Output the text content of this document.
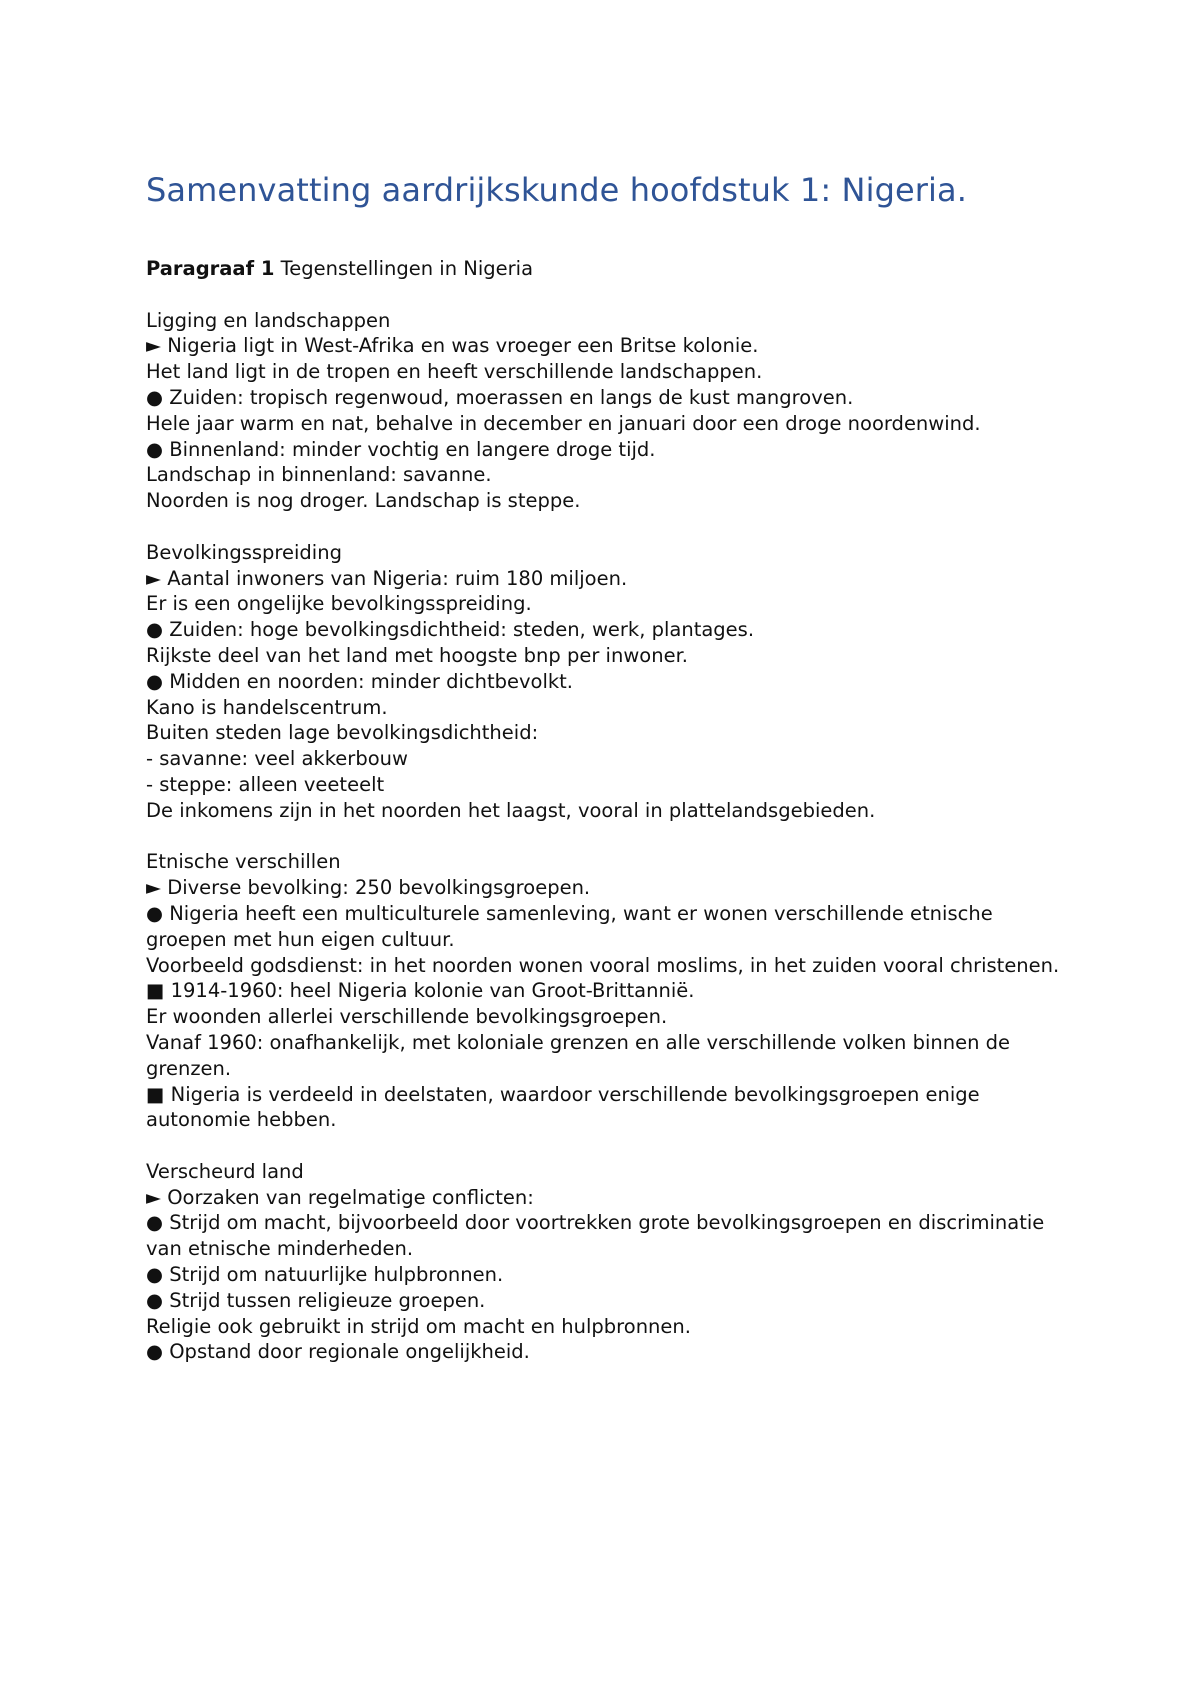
Samenvatting aardrijkskunde hoofdstuk 1: Nigeria.
Paragraaf 1 Tegenstellingen in Nigeria
Ligging en landschappen
► Nigeria ligt in West-Afrika en was vroeger een Britse kolonie.
Het land ligt in de tropen en heeft verschillende landschappen.
● Zuiden: tropisch regenwoud, moerassen en langs de kust mangroven.
Hele jaar warm en nat, behalve in december en januari door een droge noordenwind.
● Binnenland: minder vochtig en langere droge tijd.
Landschap in binnenland: savanne.
Noorden is nog droger. Landschap is steppe.
Bevolkingsspreiding
► Aantal inwoners van Nigeria: ruim 180 miljoen.
Er is een ongelijke bevolkingsspreiding.
● Zuiden: hoge bevolkingsdichtheid: steden, werk, plantages.
Rijkste deel van het land met hoogste bnp per inwoner.
● Midden en noorden: minder dichtbevolkt.
Kano is handelscentrum.
Buiten steden lage bevolkingsdichtheid:
- savanne: veel akkerbouw
- steppe: alleen veeteelt
De inkomens zijn in het noorden het laagst, vooral in plattelandsgebieden.
Etnische verschillen
► Diverse bevolking: 250 bevolkingsgroepen.
● Nigeria heeft een multiculturele samenleving, want er wonen verschillende etnische groepen met hun eigen cultuur.
Voorbeeld godsdienst: in het noorden wonen vooral moslims, in het zuiden vooral christenen.
■ 1914-1960: heel Nigeria kolonie van Groot-Brittannië.
Er woonden allerlei verschillende bevolkingsgroepen.
Vanaf 1960: onafhankelijk, met koloniale grenzen en alle verschillende volken binnen de grenzen.
■ Nigeria is verdeeld in deelstaten, waardoor verschillende bevolkingsgroepen enige autonomie hebben.
Verscheurd land
► Oorzaken van regelmatige conflicten:
● Strijd om macht, bijvoorbeeld door voortrekken grote bevolkingsgroepen en discriminatie van etnische minderheden.
● Strijd om natuurlijke hulpbronnen.
● Strijd tussen religieuze groepen.
Religie ook gebruikt in strijd om macht en hulpbronnen.
● Opstand door regionale ongelijkheid.
